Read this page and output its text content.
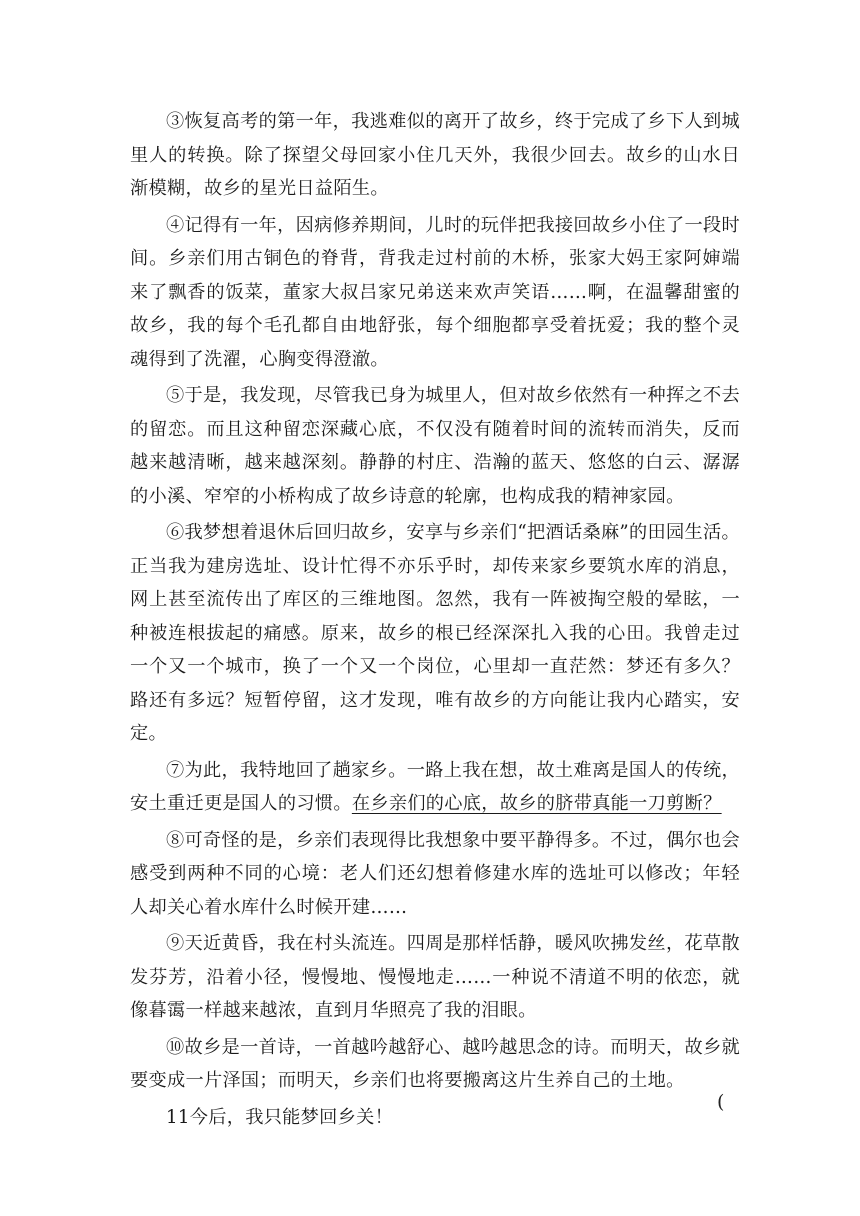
③恢复高考的第一年，我逃难似的离开了故乡，终于完成了乡下人到城里人的转换。除了探望父母回家小住几天外，我很少回去。故乡的山水日渐模糊，故乡的星光日益陌生。

④记得有一年，因病修养期间，儿时的玩伴把我接回故乡小住了一段时间。乡亲们用古铜色的脊背，背我走过村前的木桥，张家大妈王家阿婶端来了飘香的饭菜，董家大叔吕家兄弟送来欢声笑语……啊，在温馨甜蜜的故乡，我的每个毛孔都自由地舒张，每个细胞都享受着抚爱；我的整个灵魂得到了洗濯，心胸变得澄澈。

⑤于是，我发现，尽管我已身为城里人，但对故乡依然有一种挥之不去的留恋。而且这种留恋深藏心底，不仅没有随着时间的流转而消失，反而越来越清晰，越来越深刻。静静的村庄、浩瀚的蓝天、悠悠的白云、潺潺的小溪、窄窄的小桥构成了故乡诗意的轮廓，也构成我的精神家园。

⑥我梦想着退休后回归故乡，安享与乡亲们“把酒话桑麻”的田园生活。正当我为建房选址、设计忙得不亦乐乎时，却传来家乡要筑水库的消息，网上甚至流传出了库区的三维地图。忽然，我有一阵被掏空般的晕眩，一种被连根拔起的痛感。原来，故乡的根已经深深扎入我的心田。我曾走过一个又一个城市，换了一个又一个岗位，心里却一直茫然：梦还有多久？路还有多远？短暂停留，这才发现，唯有故乡的方向能让我内心踏实，安定。

⑦为此，我特地回了趟家乡。一路上我在想，故土难离是国人的传统，安土重迁更是国人的习惯。在乡亲们的心底，故乡的脐带真能一刀剪断？

⑧可奇怪的是，乡亲们表现得比我想象中要平静得多。不过，偶尔也会感受到两种不同的心境：老人们还幻想着修建水库的选址可以修改；年轻人却关心着水库什么时候开建……

⑨天近黄昏，我在村头流连。四周是那样恬静，暖风吹拂发丝，花草散发芬芳，沿着小径，慢慢地、慢慢地走……一种说不清道不明的依恋，就像暮霭一样越来越浓，直到月华照亮了我的泪眼。

⑩故乡是一首诗，一首越吟越舒心、越吟越思念的诗。而明天，故乡就要变成一片泽国；而明天，乡亲们也将要搬离这片生养自己的土地。

11今后，我只能梦回乡关！

(
